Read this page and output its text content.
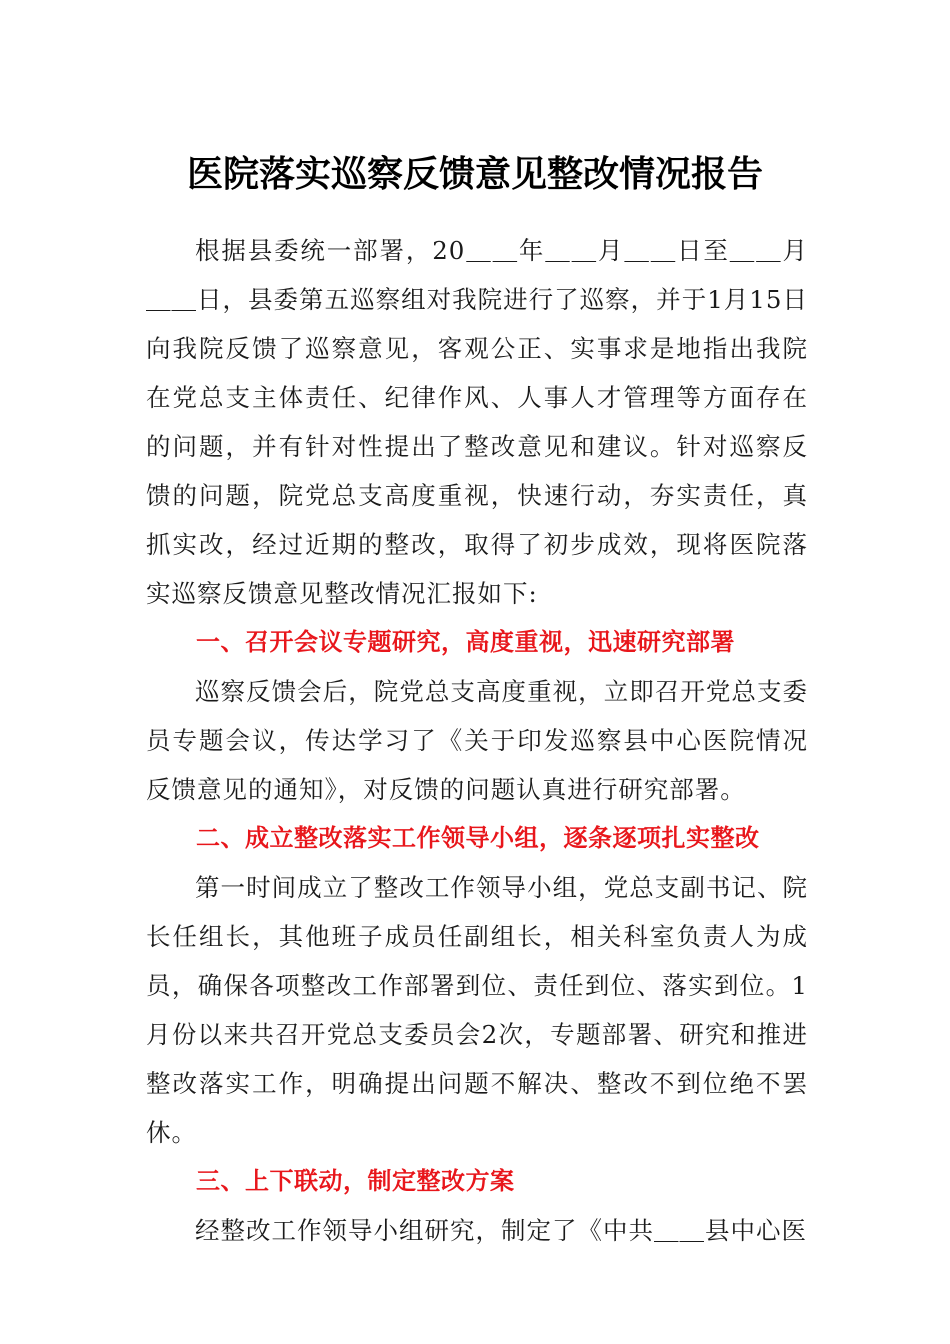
医院落实巡察反馈意见整改情况报告

根据县委统一部署，20＿＿年＿＿月＿＿日至＿＿月＿＿日，县委第五巡察组对我院进行了巡察，并于1月15日向我院反馈了巡察意见，客观公正、实事求是地指出我院在党总支主体责任、纪律作风、人事人才管理等方面存在的问题，并有针对性提出了整改意见和建议。针对巡察反馈的问题，院党总支高度重视，快速行动，夯实责任，真抓实改，经过近期的整改，取得了初步成效，现将医院落实巡察反馈意见整改情况汇报如下:

一、召开会议专题研究，高度重视，迅速研究部署

巡察反馈会后，院党总支高度重视，立即召开党总支委员专题会议，传达学习了《关于印发巡察县中心医院情况反馈意见的通知》，对反馈的问题认真进行研究部署。

二、成立整改落实工作领导小组，逐条逐项扎实整改

第一时间成立了整改工作领导小组，党总支副书记、院长任组长，其他班子成员任副组长，相关科室负责人为成员，确保各项整改工作部署到位、责任到位、落实到位。1月份以来共召开党总支委员会2次，专题部署、研究和推进整改落实工作，明确提出问题不解决、整改不到位绝不罢休。

三、上下联动，制定整改方案

经整改工作领导小组研究，制定了《中共＿＿县中心医
